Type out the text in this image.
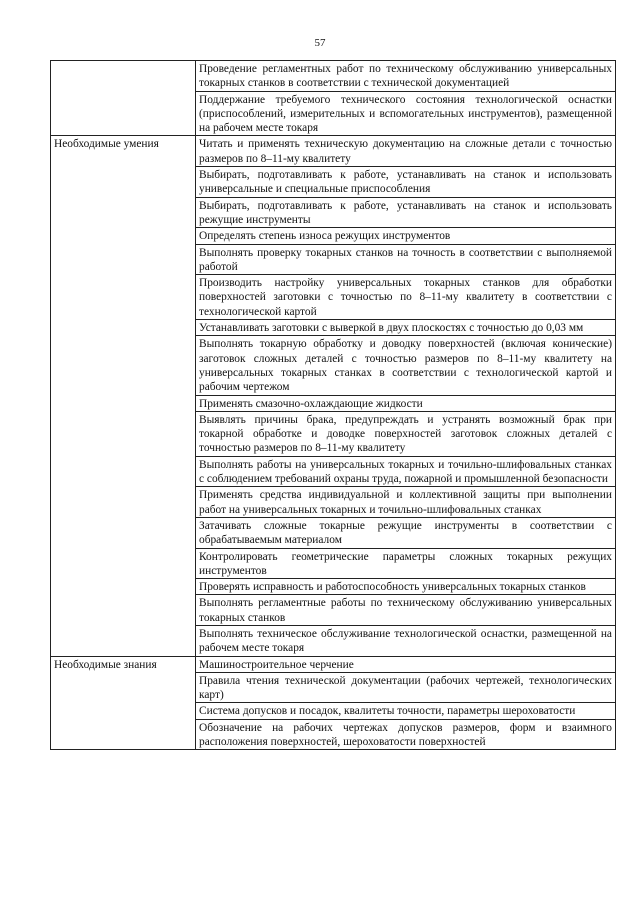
57
	Проведение регламентных работ по техническому обслуживанию универсальных токарных станков в соответствии с технической документацией
	Поддержание требуемого технического состояния технологической оснастки (приспособлений, измерительных и вспомогательных инструментов), размещенной на рабочем месте токаря
Необходимые умения	Читать и применять техническую документацию на сложные детали с точностью размеров по 8–11-му квалитету
	Выбирать, подготавливать к работе, устанавливать на станок и использовать универсальные и специальные приспособления
	Выбирать, подготавливать к работе, устанавливать на станок и использовать режущие инструменты
	Определять степень износа режущих инструментов
	Выполнять проверку токарных станков на точность в соответствии с выполняемой работой
	Производить настройку универсальных токарных станков для обработки поверхностей заготовки с точностью по 8–11-му квалитету в соответствии с технологической картой
	Устанавливать заготовки с выверкой в двух плоскостях с точностью до 0,03 мм
	Выполнять токарную обработку и доводку поверхностей (включая конические) заготовок сложных деталей с точностью размеров по 8–11-му квалитету на универсальных токарных станках в соответствии с технологической картой и рабочим чертежом
	Применять смазочно-охлаждающие жидкости
	Выявлять причины брака, предупреждать и устранять возможный брак при токарной обработке и доводке поверхностей заготовок сложных деталей с точностью размеров по 8–11-му квалитету
	Выполнять работы на универсальных токарных и точильно-шлифовальных станках с соблюдением требований охраны труда, пожарной и промышленной безопасности
	Применять средства индивидуальной и коллективной защиты при выполнении работ на универсальных токарных и точильно-шлифовальных станках
	Затачивать сложные токарные режущие инструменты в соответствии с обрабатываемым материалом
	Контролировать геометрические параметры сложных токарных режущих инструментов
	Проверять исправность и работоспособность универсальных токарных станков
	Выполнять регламентные работы по техническому обслуживанию универсальных токарных станков
	Выполнять техническое обслуживание технологической оснастки, размещенной на рабочем месте токаря
Необходимые знания	Машиностроительное черчение
	Правила чтения технической документации (рабочих чертежей, технологических карт)
	Система допусков и посадок, квалитеты точности, параметры шероховатости
	Обозначение на рабочих чертежах допусков размеров, форм и взаимного расположения поверхностей, шероховатости поверхностей
